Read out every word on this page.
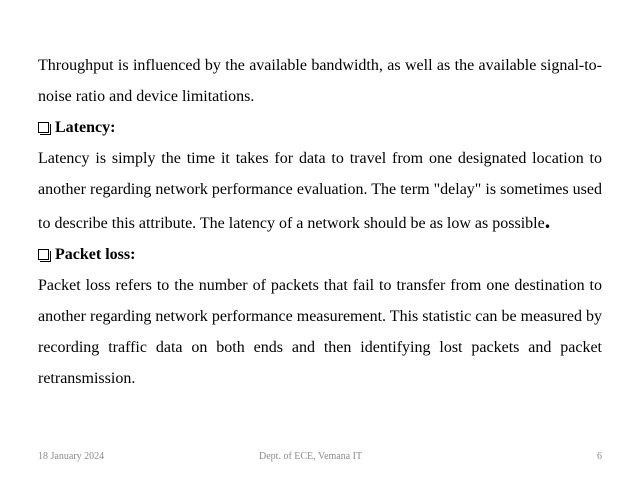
Throughput is influenced by the available bandwidth, as well as the available signal-to-noise ratio and device limitations.

Latency:

Latency is simply the time it takes for data to travel from one designated location to another regarding network performance evaluation. The term "delay" is sometimes used to describe this attribute. The latency of a network should be as low as possible.

Packet loss:

Packet loss refers to the number of packets that fail to transfer from one destination to another regarding network performance measurement. This statistic can be measured by recording traffic data on both ends and then identifying lost packets and packet retransmission.

18 January 2024	Dept. of ECE, Vemana IT	6
